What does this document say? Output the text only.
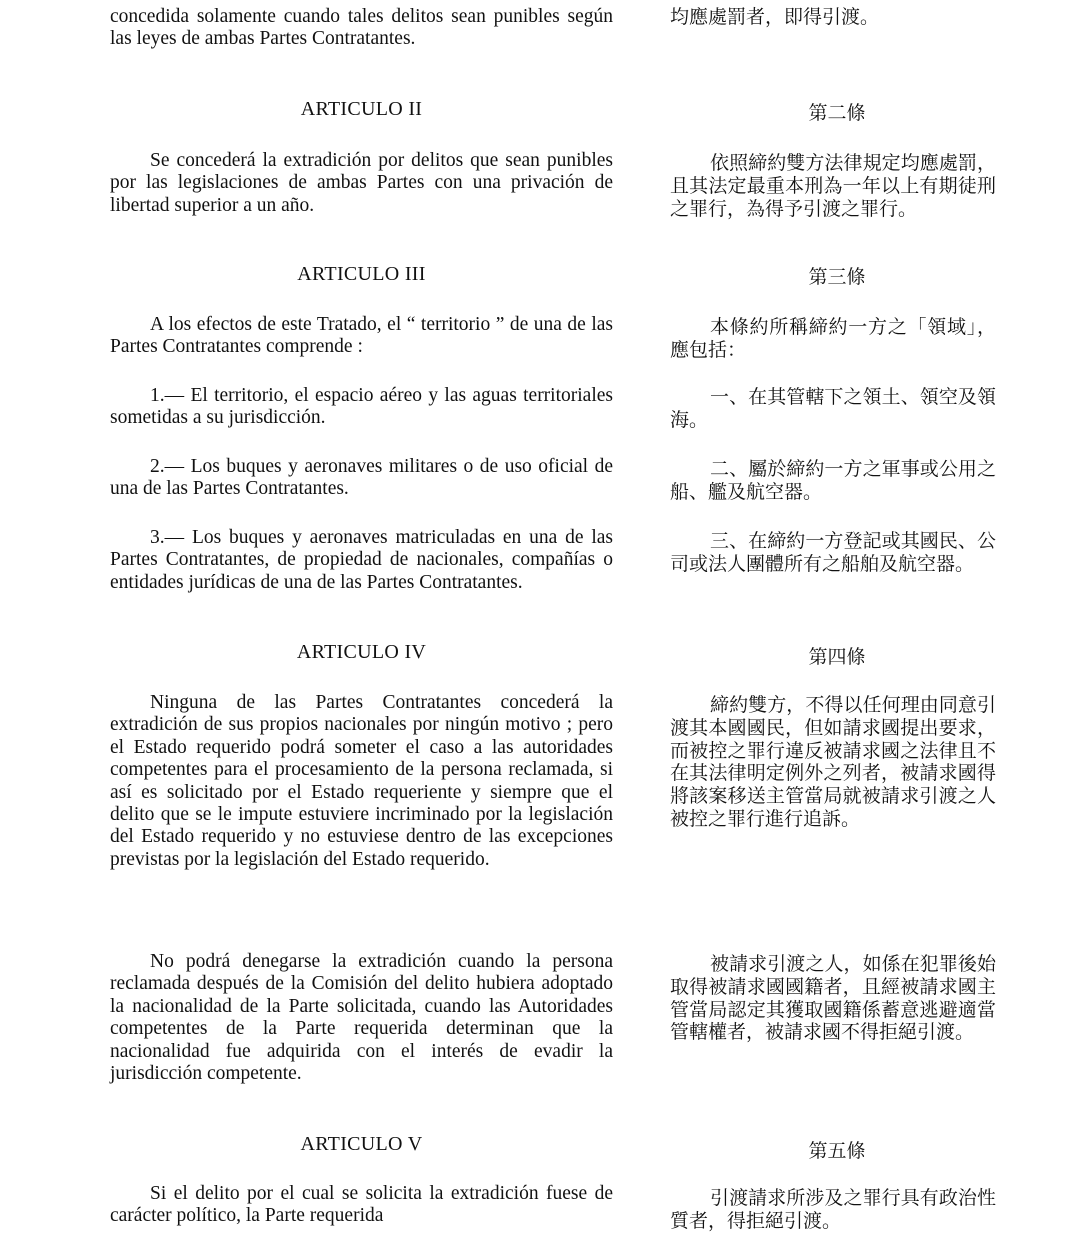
concedida solamente cuando tales delitos sean punibles según las leyes de ambas Partes Contratantes.

ARTICULO II

Se concederá la extradición por delitos que sean punibles por las legislaciones de ambas Partes con una privación de libertad superior a un año.

ARTICULO III

A los efectos de este Tratado, el “ territorio ” de una de las Partes Contratantes comprende :

1.— El territorio, el espacio aéreo y las aguas territoriales sometidas a su jurisdicción.

2.— Los buques y aeronaves militares o de uso oficial de una de las Partes Contratantes.

3.— Los buques y aeronaves matriculadas en una de las Partes Contratantes, de propiedad de nacionales, compañías o entidades jurídicas de una de las Partes Contratantes.

ARTICULO IV

Ninguna de las Partes Contratantes concederá la extradición de sus propios nacionales por ningún motivo ; pero el Estado requerido podrá someter el caso a las autoridades competentes para el procesamiento de la persona reclamada, si así es solicitado por el Estado requeriente y siempre que el delito que se le impute estuviere incriminado por la legislación del Estado requerido y no estuviese dentro de las excepciones previstas por la legislación del Estado requerido.

No podrá denegarse la extradición cuando la persona reclamada después de la Comisión del delito hubiera adoptado la nacionalidad de la Parte solicitada, cuando las Autoridades competentes de la Parte requerida determinan que la nacionalidad fue adquirida con el interés de evadir la jurisdicción competente.

ARTICULO V

Si el delito por el cual se solicita la extradición fuese de carácter político, la Parte requerida

均應處罰者，即得引渡。

第二條

依照締約雙方法律規定均應處罰，且其法定最重本刑為一年以上有期徒刑之罪行，為得予引渡之罪行。

第三條

本條約所稱締約一方之「領域」，應包括：

一、在其管轄下之領土、領空及領海。

二、屬於締約一方之軍事或公用之船、艦及航空器。

三、在締約一方登記或其國民、公司或法人團體所有之船舶及航空器。

第四條

締約雙方，不得以任何理由同意引渡其本國國民，但如請求國提出要求，而被控之罪行違反被請求國之法律且不在其法律明定例外之列者，被請求國得將該案移送主管當局就被請求引渡之人被控之罪行進行追訴。

被請求引渡之人，如係在犯罪後始取得被請求國國籍者，且經被請求國主管當局認定其獲取國籍係蓄意逃避適當管轄權者，被請求國不得拒絕引渡。

第五條

引渡請求所涉及之罪行具有政治性質者，得拒絕引渡。
